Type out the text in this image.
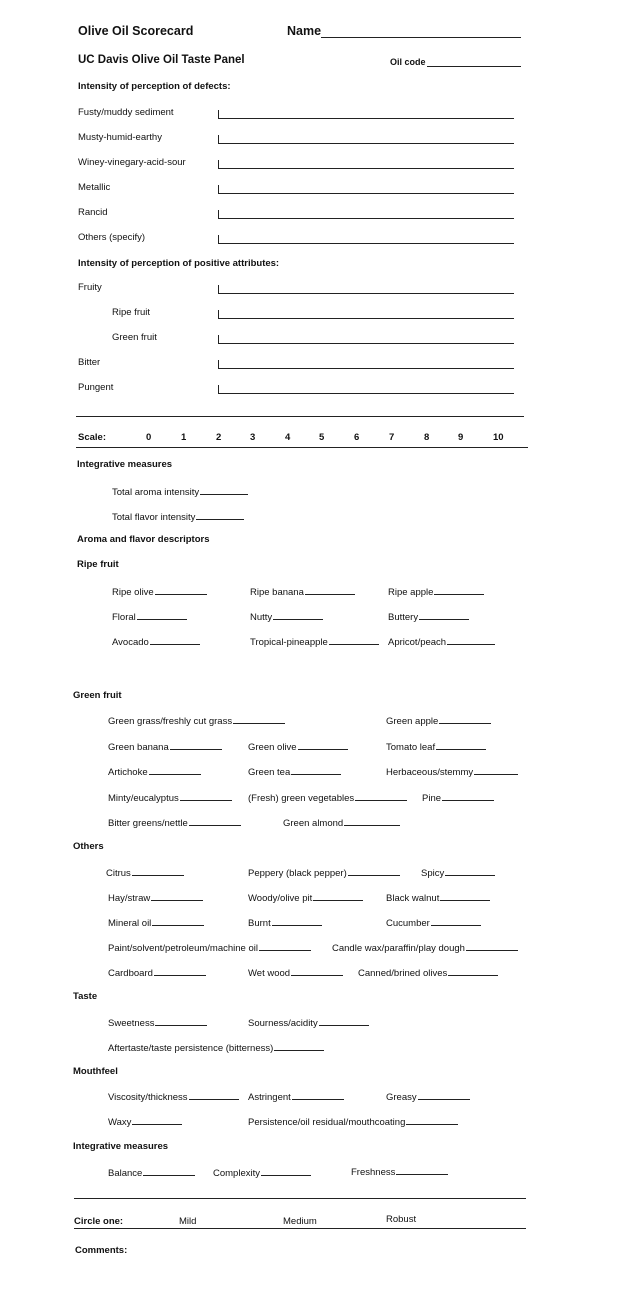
Olive Oil Scorecard	Name
UC Davis Olive Oil Taste Panel	Oil code
Intensity of perception of defects:
Fusty/muddy sediment
Musty-humid-earthy
Winey-vinegary-acid-sour
Metallic
Rancid
Others (specify)
Intensity of perception of positive attributes:
Fruity
Ripe fruit
Green fruit
Bitter
Pungent
Scale:	0	1	2	3	4	5	6	7	8	9	10
Integrative measures
Total aroma intensity
Total flavor intensity
Aroma and flavor descriptors
Ripe fruit
Ripe olive	Ripe banana	Ripe apple
Floral	Nutty	Buttery
Avocado	Tropical-pineapple	Apricot/peach
Green fruit
Green grass/freshly cut grass	Green apple
Green banana	Green olive	Tomato leaf
Artichoke	Green tea	Herbaceous/stemmy
Minty/eucalyptus	(Fresh) green vegetables	Pine
Bitter greens/nettle	Green almond
Others
Citrus	Peppery (black pepper)	Spicy
Hay/straw	Woody/olive pit	Black walnut
Mineral oil	Burnt	Cucumber
Paint/solvent/petroleum/machine oil	Candle wax/paraffin/play dough
Cardboard	Wet wood	Canned/brined olives
Taste
Sweetness	Sourness/acidity
Aftertaste/taste persistence (bitterness)
Mouthfeel
Viscosity/thickness	Astringent	Greasy
Waxy	Persistence/oil residual/mouthcoating
Integrative measures
Balance	Complexity	Freshness
Circle one:	Mild	Medium	Robust
Comments:
